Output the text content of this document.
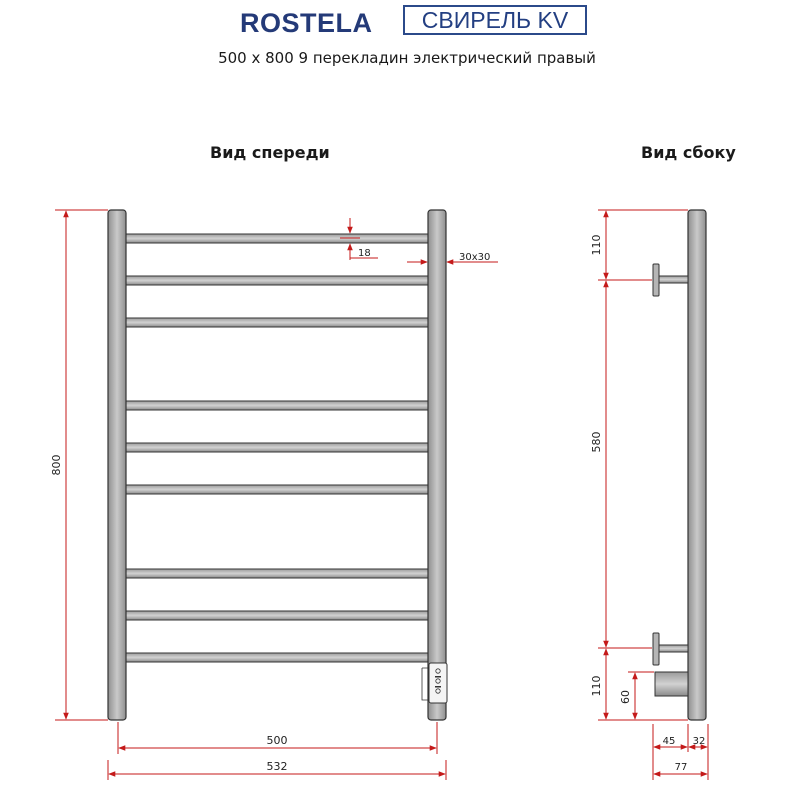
ROSTELA СВИРЕЛЬ KV
500 x 800 9 перекладин электрический правый
Вид спереди	Вид сбоку
800
18	30x30
500
532
110
580
110
60
45 32
77
